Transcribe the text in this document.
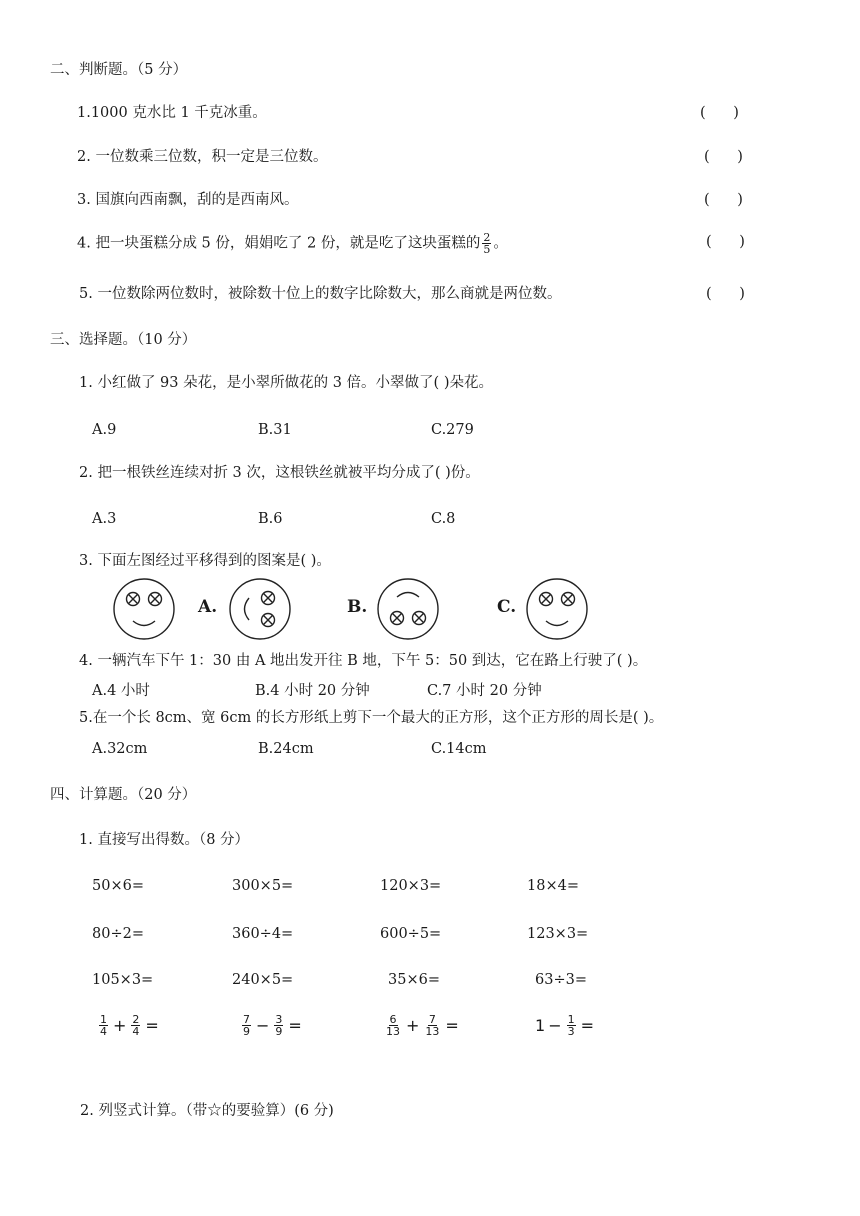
二、判断题。（5 分）
1.1000 克水比 1 千克冰重。	(      )
2. 一位数乘三位数，积一定是三位数。	(      )
3. 国旗向西南飘，刮的是西南风。	(      )
4. 把一块蛋糕分成 5 份，娟娟吃了 2 份，就是吃了这块蛋糕的 $\frac{2}{5}$ 。	(      )
5. 一位数除两位数时，被除数十位上的数字比除数大，那么商就是两位数。	(      )
三、选择题。（10 分）
1. 小红做了 93 朵花，是小翠所做花的 3 倍。小翠做了( )朵花。
A.9	B.31	C.279
2. 把一根铁丝连续对折 3 次，这根铁丝就被平均分成了( )份。
A.3	B.6	C.8
3. 下面左图经过平移得到的图案是( )。
A.	B.	C.
4. 一辆汽车下午 1：30 由 A 地出发开往 B 地，下午 5：50 到达，它在路上行驶了( )。
A.4 小时	B.4 小时 20 分钟	C.7 小时 20 分钟
5.在一个长 8cm、宽 6cm 的长方形纸上剪下一个最大的正方形，这个正方形的周长是( )。
A.32cm	B.24cm	C.14cm
四、计算题。（20 分）
1. 直接写出得数。（8 分）
50×6=	300×5=	120×3=	18×4=
80÷2=	360÷4=	600÷5=	123×3=
105×3=	240×5=	35×6=	63÷3=
$\frac{1}{4} + \frac{2}{4}$ =	$\frac{7}{9} - \frac{3}{9}$ =	$\frac{6}{13} + \frac{7}{13}$ =	$1 - \frac{1}{3}$ =
2. 列竖式计算。（带☆的要验算）(6 分)
